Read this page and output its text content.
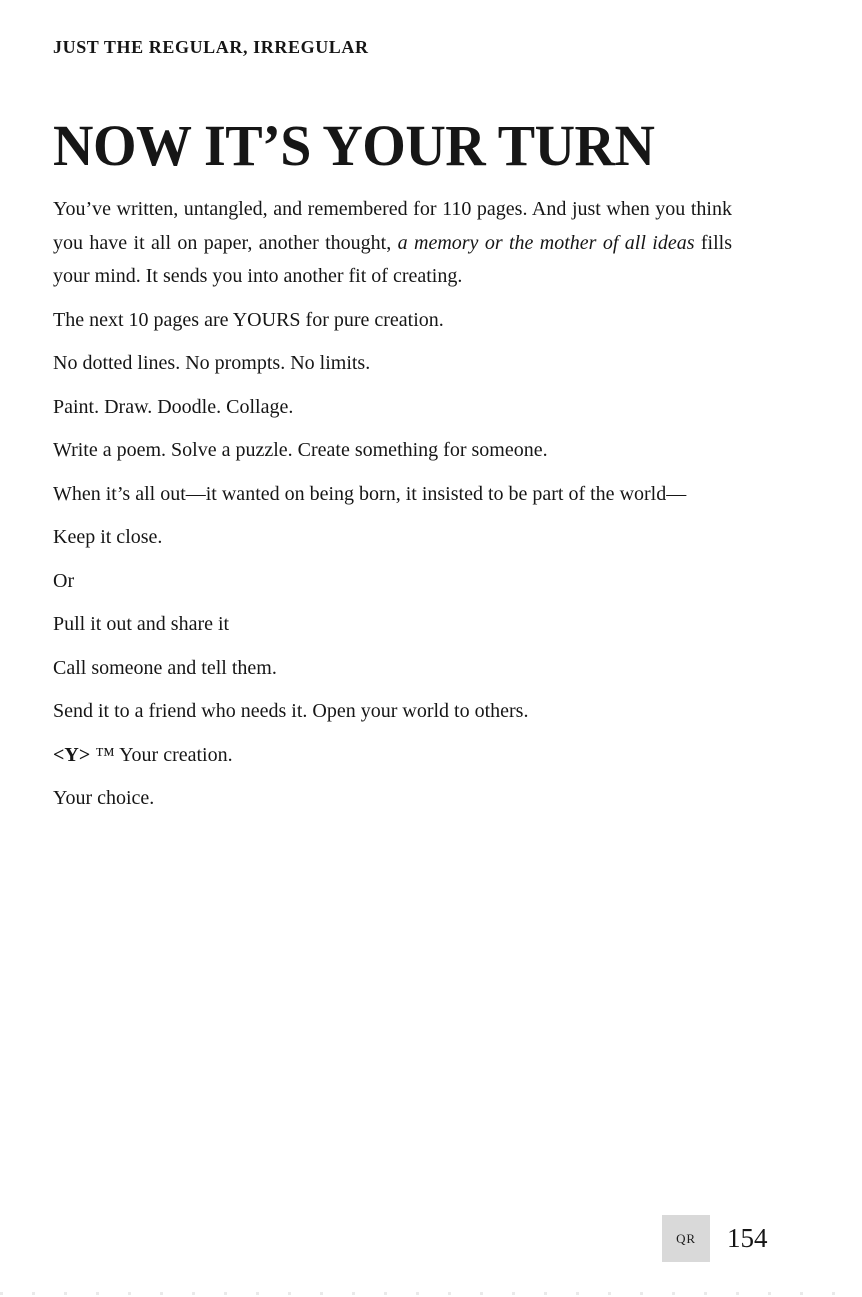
JUST THE REGULAR, IRREGULAR
NOW IT’S YOUR TURN

You’ve written, untangled, and remembered for 110 pages. And just when you think you have it all on paper, another thought, a memory or the mother of all ideas fills your mind. It sends you into another fit of creating.

The next 10 pages are YOURS for pure creation.

No dotted lines. No prompts. No limits.

Paint. Draw. Doodle. Collage.

Write a poem. Solve a puzzle. Create something for someone.

When it’s all out—it wanted on being born, it insisted to be part of the world—

Keep it close.

Or

Pull it out and share it

Call someone and tell them.

Send it to a friend who needs it. Open your world to others.

<Y> ™ Your creation.

Your choice.

QR	154
